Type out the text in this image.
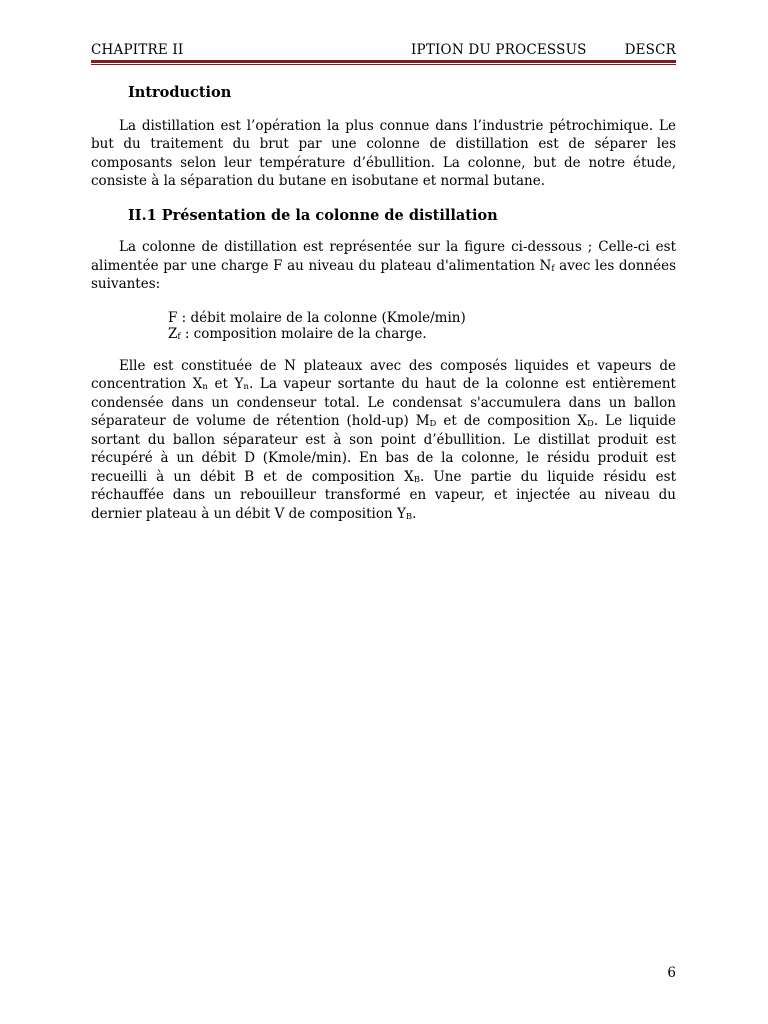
CHAPITRE II	IPTION DU PROCESSUS	DESCR
Introduction

La distillation est l’opération la plus connue dans l’industrie pétrochimique. Le but du traitement du brut par une colonne de distillation est de séparer les composants selon leur température d’ébullition. La colonne, but de notre étude, consiste à la séparation du butane en isobutane et normal butane.

II.1 Présentation de la colonne de distillation

La colonne de distillation est représentée sur la figure ci-dessous ; Celle-ci est alimentée par une charge F au niveau du plateau d'alimentation $N_f$ avec les données suivantes:

F : débit molaire de la colonne (Kmole/min)
$Z_f$ : composition molaire de la charge.

Elle est constituée de N plateaux avec des composés liquides et vapeurs de concentration $X_n$ et $Y_n$. La vapeur sortante du haut de la colonne est entièrement condensée dans un condenseur total. Le condensat s'accumulera dans un ballon séparateur de volume de rétention (hold-up) $M_D$ et de composition $X_D$. Le liquide sortant du ballon séparateur est à son point d’ébullition. Le distillat produit est récupéré à un débit D (Kmole/min). En bas de la colonne, le résidu produit est recueilli à un débit B et de composition $X_B$. Une partie du liquide résidu est réchauffée dans un rebouilleur transformé en vapeur, et injectée au niveau du dernier plateau à un débit V de composition $Y_B$.

6
